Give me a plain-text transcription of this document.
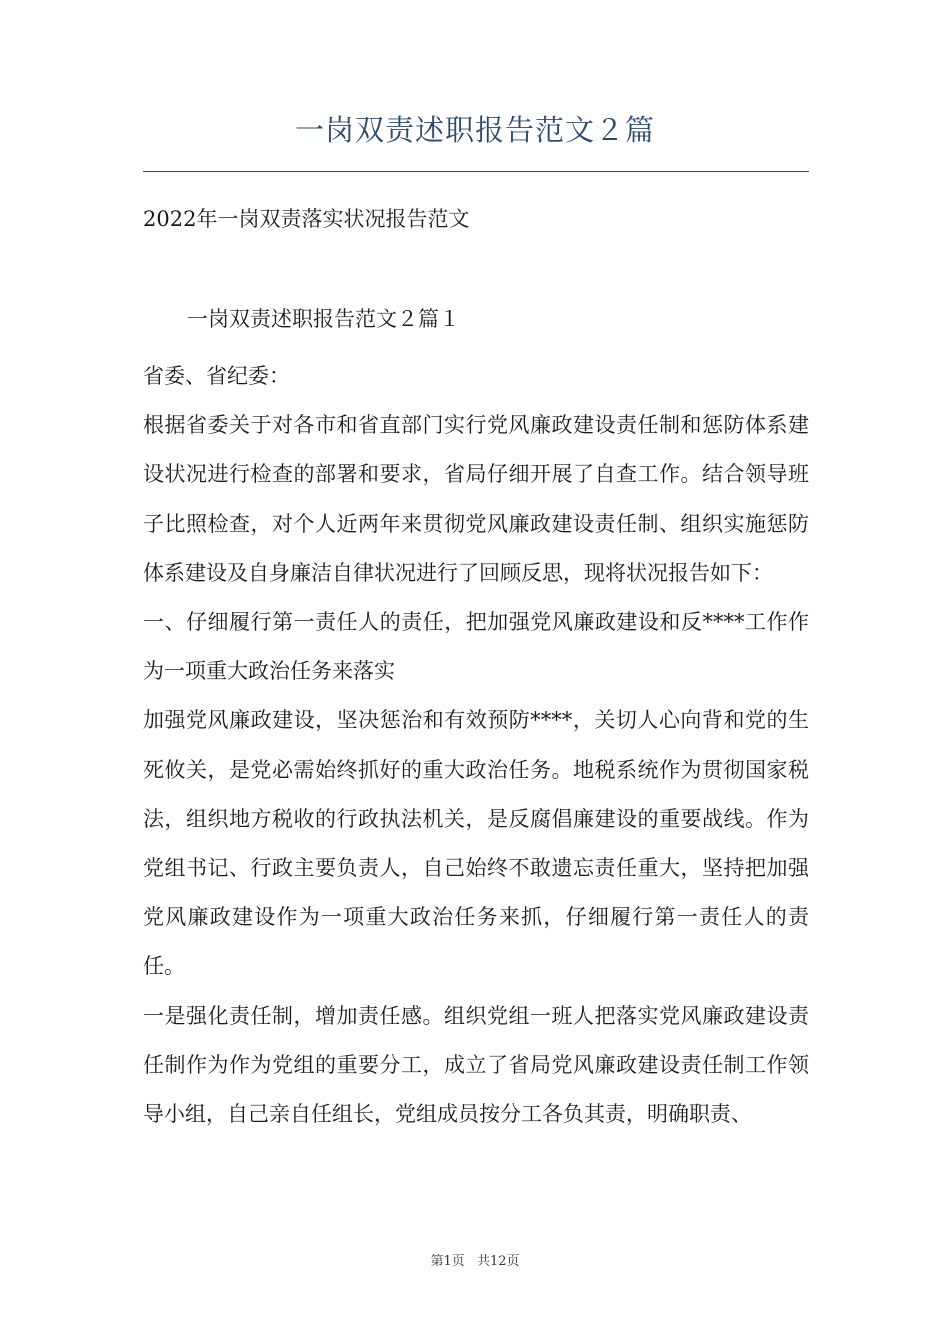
一岗双责述职报告范文２篇

2022年一岗双责落实状况报告范文

一岗双责述职报告范文２篇１

省委、省纪委：

根据省委关于对各市和省直部门实行党风廉政建设责任制和惩防体系建设状况进行检查的部署和要求，省局仔细开展了自查工作。结合领导班子比照检查，对个人近两年来贯彻党风廉政建设责任制、组织实施惩防体系建设及自身廉洁自律状况进行了回顾反思，现将状况报告如下：

一、仔细履行第一责任人的责任，把加强党风廉政建设和反****工作作为一项重大政治任务来落实

加强党风廉政建设，坚决惩治和有效预防****，关切人心向背和党的生死攸关，是党必需始终抓好的重大政治任务。地税系统作为贯彻国家税法，组织地方税收的行政执法机关，是反腐倡廉建设的重要战线。作为党组书记、行政主要负责人，自己始终不敢遗忘责任重大，坚持把加强党风廉政建设作为一项重大政治任务来抓，仔细履行第一责任人的责任。

一是强化责任制，增加责任感。组织党组一班人把落实党风廉政建设责任制作为作为党组的重要分工，成立了省局党风廉政建设责任制工作领导小组，自己亲自任组长，党组成员按分工各负其责，明确职责、

第1页 共12页
